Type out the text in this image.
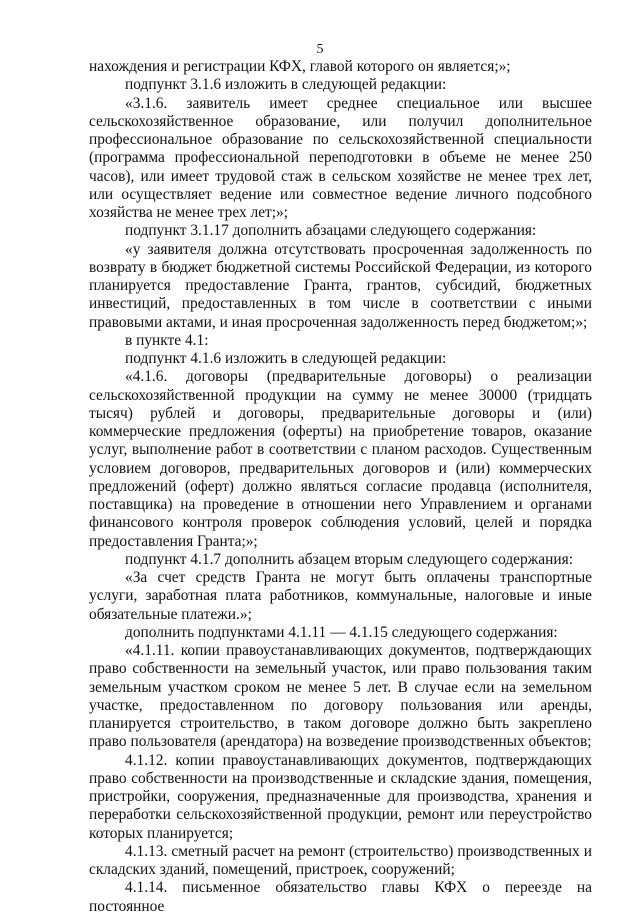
5

нахождения и регистрации КФХ, главой которого он является;»;

подпункт 3.1.6 изложить в следующей редакции:

«3.1.6. заявитель имеет среднее специальное или высшее сельскохозяйственное образование, или получил дополнительное профессиональное образование по сельскохозяйственной специальности (программа профессиональной переподготовки в объеме не менее 250 часов), или имеет трудовой стаж в сельском хозяйстве не менее трех лет, или осуществляет ведение или совместное ведение личного подсобного хозяйства не менее трех лет;»;

подпункт 3.1.17 дополнить абзацами следующего содержания:

«у заявителя должна отсутствовать просроченная задолженность по возврату в бюджет бюджетной системы Российской Федерации, из которого планируется предоставление Гранта, грантов, субсидий, бюджетных инвестиций, предоставленных в том числе в соответствии с иными правовыми актами, и иная просроченная задолженность перед бюджетом;»;

в пункте 4.1:

подпункт 4.1.6 изложить в следующей редакции:

«4.1.6. договоры (предварительные договоры) о реализации сельскохозяйственной продукции на сумму не менее 30000 (тридцать тысяч) рублей и договоры, предварительные договоры и (или) коммерческие предложения (оферты) на приобретение товаров, оказание услуг, выполнение работ в соответствии с планом расходов. Существенным условием договоров, предварительных договоров и (или) коммерческих предложений (оферт) должно являться согласие продавца (исполнителя, поставщика) на проведение в отношении него Управлением и органами финансового контроля проверок соблюдения условий, целей и порядка предоставления Гранта;»;

подпункт 4.1.7 дополнить абзацем вторым следующего содержания:

«За счет средств Гранта не могут быть оплачены транспортные услуги, заработная плата работников, коммунальные, налоговые и иные обязательные платежи.»;

дополнить подпунктами 4.1.11 — 4.1.15 следующего содержания:

«4.1.11. копии правоустанавливающих документов, подтверждающих право собственности на земельный участок, или право пользования таким земельным участком сроком не менее 5 лет. В случае если на земельном участке, предоставленном по договору пользования или аренды, планируется строительство, в таком договоре должно быть закреплено право пользователя (арендатора) на возведение производственных объектов;

4.1.12. копии правоустанавливающих документов, подтверждающих право собственности на производственные и складские здания, помещения, пристройки, сооружения, предназначенные для производства, хранения и переработки сельскохозяйственной продукции, ремонт или переустройство которых планируется;

4.1.13. сметный расчет на ремонт (строительство) производственных и складских зданий, помещений, пристроек, сооружений;

4.1.14. письменное обязательство главы КФХ о переезде на постоянное
